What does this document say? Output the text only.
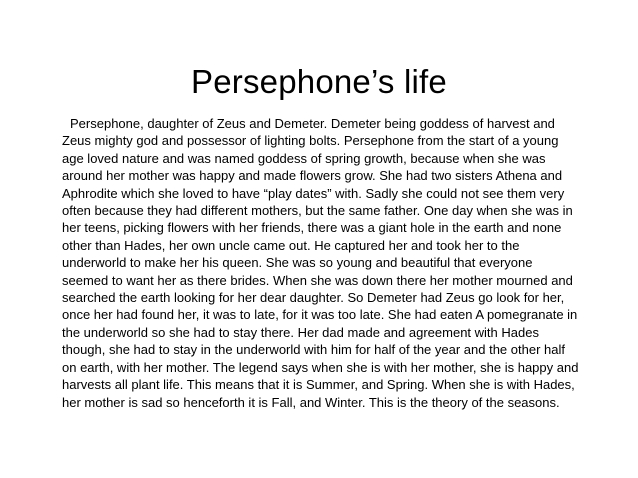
Persephone’s life

Persephone, daughter of Zeus and Demeter. Demeter being goddess of harvest and Zeus mighty god and possessor of lighting bolts. Persephone from the start of a young age loved nature and was named goddess of spring growth, because when she was around her mother was happy and made flowers grow. She had two sisters Athena and Aphrodite which she loved to have “play dates” with. Sadly she could not see them very often because they had different mothers, but the same father. One day when she was in her teens, picking flowers with her friends, there was a giant hole in the earth and none other than Hades, her own uncle came out. He captured her and took her to the underworld to make her his queen. She was so young and beautiful that everyone seemed to want her as there brides. When she was down there her mother mourned and searched the earth looking for her dear daughter. So Demeter had Zeus go look for her, once her had found her, it was to late, for it was too late. She had eaten A pomegranate in the underworld so she had to stay there. Her dad made and agreement with Hades though, she had to stay in the underworld with him for half of the year and the other half on earth, with her mother. The legend says when she is with her mother, she is happy and harvests all plant life. This means that it is Summer, and Spring. When she is with Hades, her mother is sad so henceforth it is Fall, and Winter. This is the theory of the seasons.
